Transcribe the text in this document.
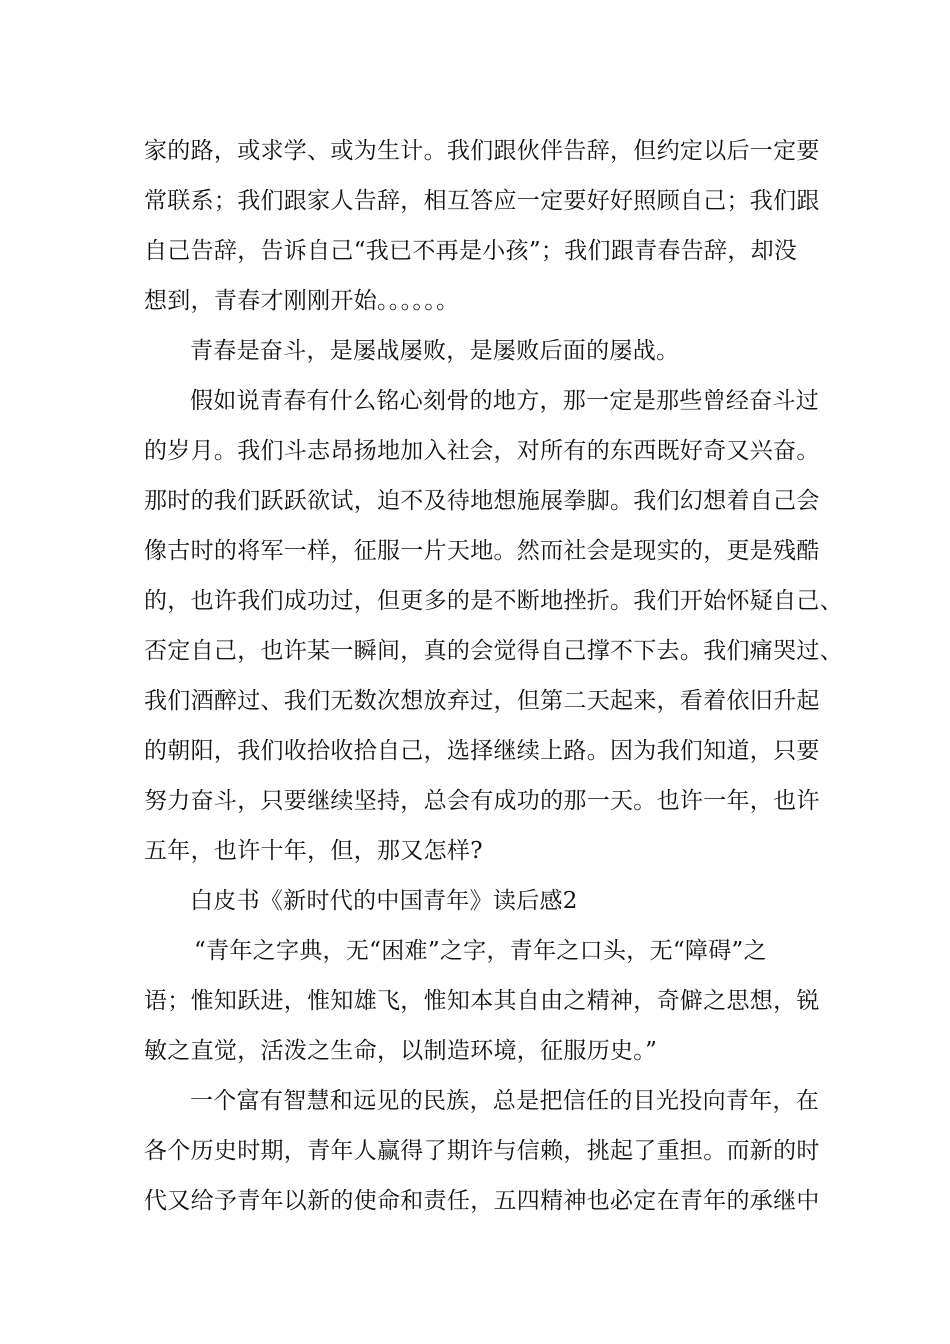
家的路，或求学、或为生计。我们跟伙伴告辞，但约定以后一定要
常联系；我们跟家人告辞，相互答应一定要好好照顾自己；我们跟
自己告辞，告诉自己“我已不再是小孩”；我们跟青春告辞，却没
想到，青春才刚刚开始。。。。。。
青春是奋斗，是屡战屡败，是屡败后面的屡战。
假如说青春有什么铭心刻骨的地方，那一定是那些曾经奋斗过
的岁月。我们斗志昂扬地加入社会，对所有的东西既好奇又兴奋。
那时的我们跃跃欲试，迫不及待地想施展拳脚。我们幻想着自己会
像古时的将军一样，征服一片天地。然而社会是现实的，更是残酷
的，也许我们成功过，但更多的是不断地挫折。我们开始怀疑自己、
否定自己，也许某一瞬间，真的会觉得自己撑不下去。我们痛哭过、
我们酒醉过、我们无数次想放弃过，但第二天起来，看着依旧升起
的朝阳，我们收拾收拾自己，选择继续上路。因为我们知道，只要
努力奋斗，只要继续坚持，总会有成功的那一天。也许一年，也许
五年，也许十年，但，那又怎样?
白皮书《新时代的中国青年》读后感2
“青年之字典，无“困难”之字，青年之口头，无“障碍”之
语；惟知跃进，惟知雄飞，惟知本其自由之精神，奇僻之思想，锐
敏之直觉，活泼之生命，以制造环境，征服历史。”
一个富有智慧和远见的民族，总是把信任的目光投向青年，在
各个历史时期，青年人赢得了期许与信赖，挑起了重担。而新的时
代又给予青年以新的使命和责任，五四精神也必定在青年的承继中
